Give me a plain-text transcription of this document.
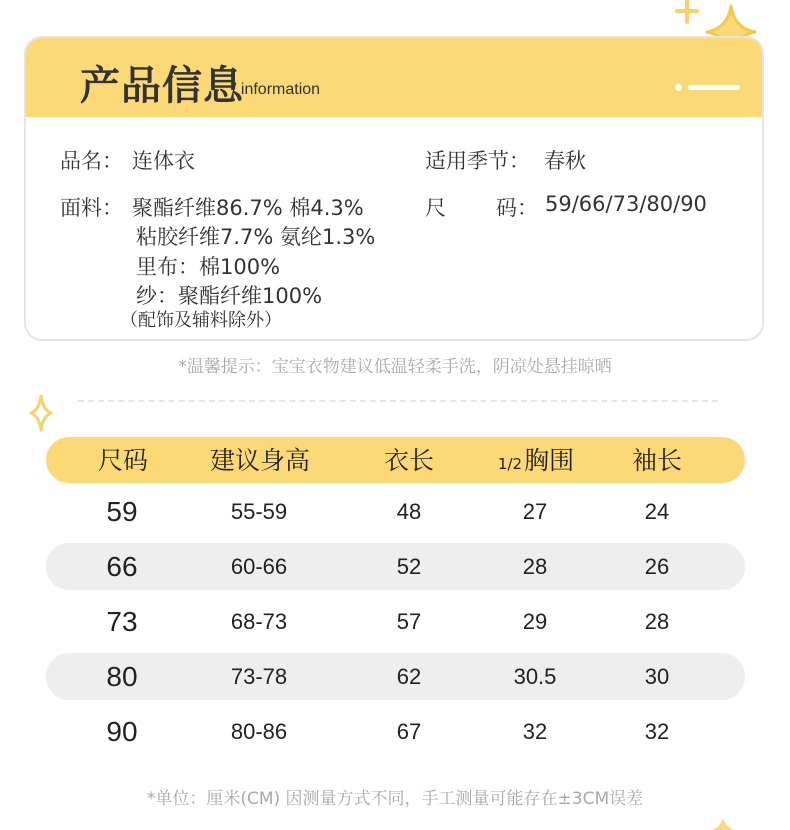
产品信息
/ information
品名： 连体衣	适用季节： 春秋
面料： 聚酯纤维86.7% 棉4.3%
粘胶纤维7.7% 氨纶1.3%
里布：棉100%
纱：聚酯纤维100%
（配饰及辅料除外）
尺 码： 59/66/73/80/90
*温馨提示：宝宝衣物建议低温轻柔手洗，阴凉处悬挂晾晒
尺码	建议身高	衣长	1/2胸围	袖长
59	55-59	48	27	24
66	60-66	52	28	26
73	68-73	57	29	28
80	73-78	62	30.5	30
90	80-86	67	32	32
*单位：厘米(CM) 因测量方式不同，手工测量可能存在±3CM误差
